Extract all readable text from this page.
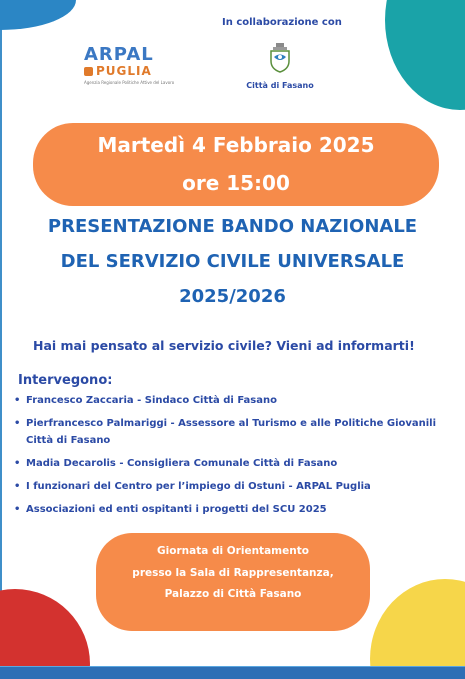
In collaborazione con
ARPAL
PUGLIA
Agenzia Regionale Politiche Attive del Lavoro	Città di Fasano
Martedì 4 Febbraio 2025
ore 15:00
PRESENTAZIONE BANDO NAZIONALE
DEL SERVIZIO CIVILE UNIVERSALE
2025/2026
Hai mai pensato al servizio civile? Vieni ad informarti!
Intervegono:
• Francesco Zaccaria - Sindaco Città di Fasano
• Pierfrancesco Palmariggi - Assessore al Turismo e alle Politiche Giovanili Città di Fasano
• Madia Decarolis - Consigliera Comunale Città di Fasano
• I funzionari del Centro per l’impiego di Ostuni - ARPAL Puglia
• Associazioni ed enti ospitanti i progetti del SCU 2025
Giornata di Orientamento
presso la Sala di Rappresentanza,
Palazzo di Città Fasano
